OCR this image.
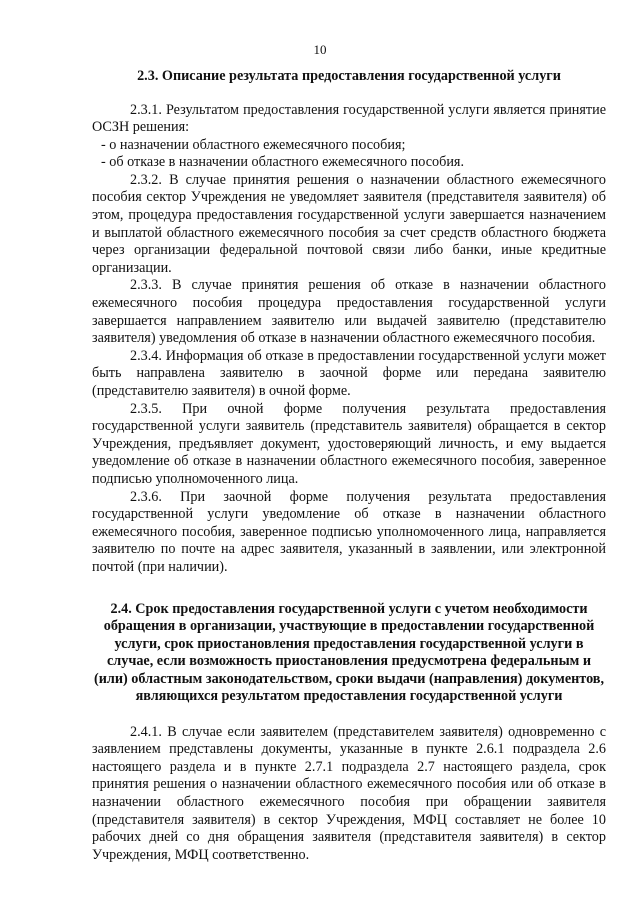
10
2.3. Описание результата предоставления государственной услуги

2.3.1. Результатом предоставления государственной услуги является принятие ОСЗН решения:

- о назначении областного ежемесячного пособия;

- об отказе в назначении областного ежемесячного пособия.

2.3.2. В случае принятия решения о назначении областного ежемесячного пособия сектор Учреждения не уведомляет заявителя (представителя заявителя) об этом, процедура предоставления государственной услуги завершается назначением и выплатой областного ежемесячного пособия за счет средств областного бюджета через организации федеральной почтовой связи либо банки, иные кредитные организации.

2.3.3. В случае принятия решения об отказе в назначении областного ежемесячного пособия процедура предоставления государственной услуги завершается направлением заявителю или выдачей заявителю (представителю заявителя) уведомления об отказе в назначении областного ежемесячного пособия.

2.3.4. Информация об отказе в предоставлении государственной услуги может быть направлена заявителю в заочной форме или передана заявителю (представителю заявителя) в очной форме.

2.3.5. При очной форме получения результата предоставления государственной услуги заявитель (представитель заявителя) обращается в сектор Учреждения, предъявляет документ, удостоверяющий личность, и ему выдается уведомление об отказе в назначении областного ежемесячного пособия, заверенное подписью уполномоченного лица.

2.3.6. При заочной форме получения результата предоставления государственной услуги уведомление об отказе в назначении областного ежемесячного пособия, заверенное подписью уполномоченного лица, направляется заявителю по почте на адрес заявителя, указанный в заявлении, или электронной почтой (при наличии).

2.4. Срок предоставления государственной услуги с учетом необходимости обращения в организации, участвующие в предоставлении государственной услуги, срок приостановления предоставления государственной услуги в случае, если возможность приостановления предусмотрена федеральным и (или) областным законодательством, сроки выдачи (направления) документов, являющихся результатом предоставления государственной услуги

2.4.1. В случае если заявителем (представителем заявителя) одновременно с заявлением представлены документы, указанные в пункте 2.6.1 подраздела 2.6 настоящего раздела и в пункте 2.7.1 подраздела 2.7 настоящего раздела, срок принятия решения о назначении областного ежемесячного пособия или об отказе в назначении областного ежемесячного пособия при обращении заявителя (представителя заявителя) в сектор Учреждения, МФЦ составляет не более 10 рабочих дней со дня обращения заявителя (представителя заявителя) в сектор Учреждения, МФЦ соответственно.
